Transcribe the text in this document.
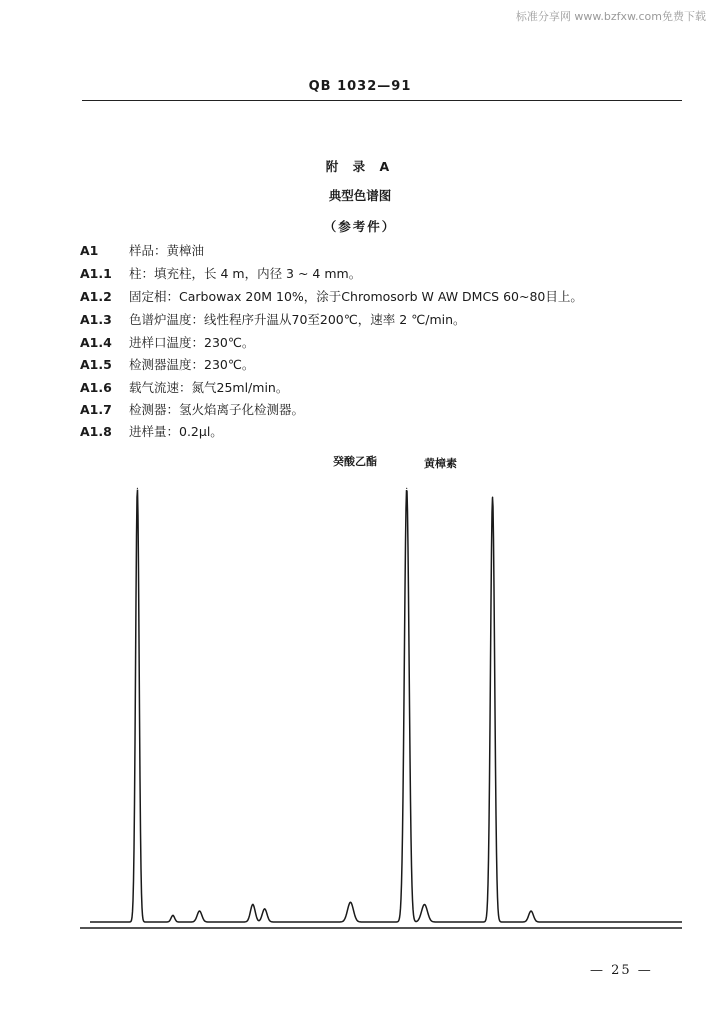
标准分享网 www.bzfxw.com免费下载
QB 1032—91
附 录 A
典型色谱图
（参考件）
A1 样品：黄樟油
A1.1 柱：填充柱，长 4 m，内径 3 ~ 4 mm。
A1.2 固定相：Carbowax 20M 10%，涂于Chromosorb W AW DMCS 60~80目上。
A1.3 色谱炉温度：线性程序升温从70至200℃，速率 2 ℃/min。
A1.4 进样口温度：230℃。
A1.5 检测器温度：230℃。
A1.6 载气流速：氮气25ml/min。
A1.7 检测器：氢火焰离子化检测器。
A1.8 进样量：0.2μl。
癸酸乙酯	黄樟素
— 25 —
